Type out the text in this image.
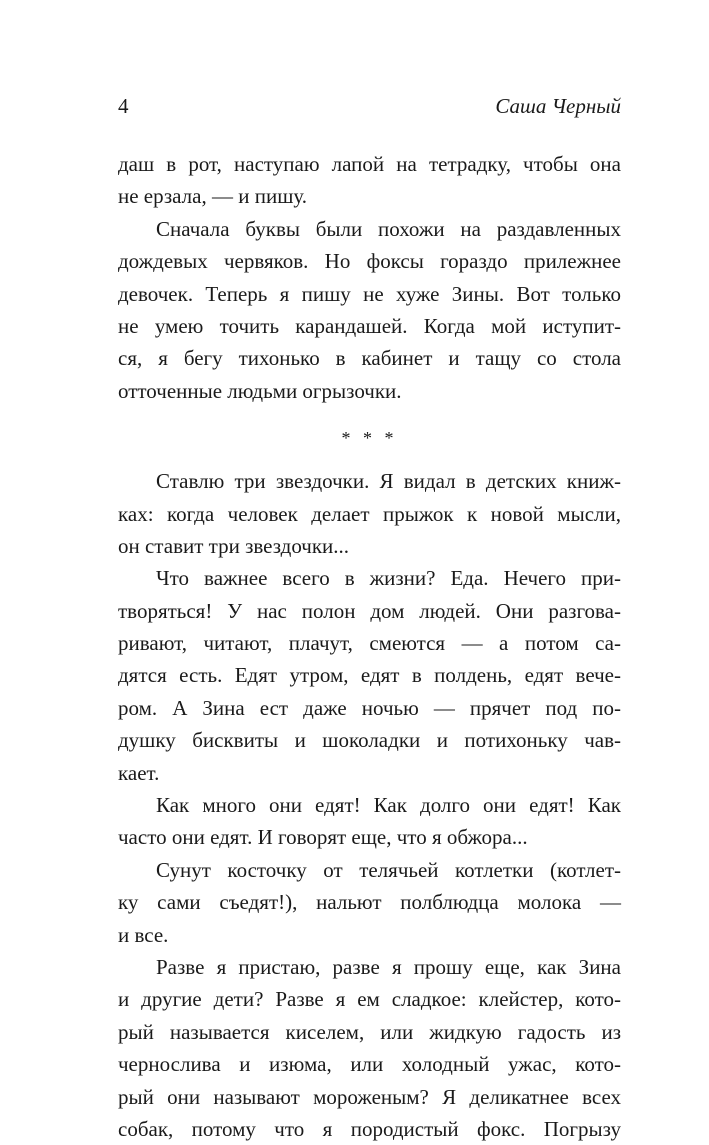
4	Саша Черный
даш в рот, наступаю лапой на тетрадку, чтобы она
не ерзала, — и пишу.
Сначала буквы были похожи на раздавленных
дождевых червяков. Но фоксы гораздо прилежнее
девочек. Теперь я пишу не хуже Зины. Вот только
не умею точить карандашей. Когда мой иступит-
ся, я бегу тихонько в кабинет и тащу со стола
отточенные людьми огрызочки.
* * *
Ставлю три звездочки. Я видал в детских книж-
ках: когда человек делает прыжок к новой мысли,
он ставит три звездочки...
Что важнее всего в жизни? Еда. Нечего при-
творяться! У нас полон дом людей. Они разгова-
ривают, читают, плачут, смеются — а потом са-
дятся есть. Едят утром, едят в полдень, едят вече-
ром. А Зина ест даже ночью — прячет под по-
душку бисквиты и шоколадки и потихоньку чав-
кает.
Как много они едят! Как долго они едят! Как
часто они едят. И говорят еще, что я обжора...
Сунут косточку от телячьей котлетки (котлет-
ку сами съедят!), нальют полблюдца молока —
и все.
Разве я пристаю, разве я прошу еще, как Зина
и другие дети? Разве я ем сладкое: клейстер, кото-
рый называется киселем, или жидкую гадость из
чернослива и изюма, или холодный ужас, кото-
рый они называют мороженым? Я деликатнее всех
собак, потому что я породистый фокс. Погрызу
